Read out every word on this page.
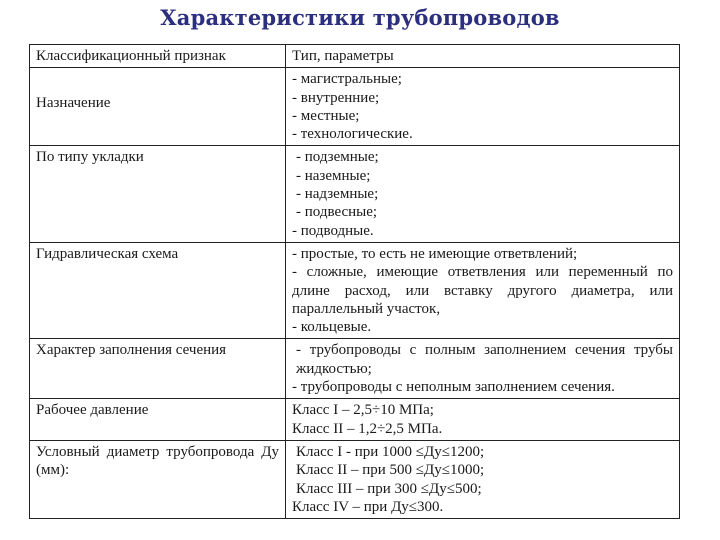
Характеристики трубопроводов
Классификационный признак	Тип, параметры
Назначение	- магистральные;
- внутренние;
- местные;
- технологические.

По типу укладки	- подземные;
- наземные;
- надземные;
- подвесные;
- подводные.

Гидравлическая схема	- простые, то есть не имеющие ответвлений;
- сложные, имеющие ответвления или переменный по длине расход, или вставку другого диаметра, или параллельный участок,
- кольцевые.

Характер заполнения сечения	- трубопроводы с полным заполнением сечения трубы жидкостью;
- трубопроводы с неполным заполнением сечения.

Рабочее давление	Класс I – 2,5÷10 МПа;
Класс II – 1,2÷2,5 МПа.

Условный диаметр трубопровода Ду (мм):	Класс I - при 1000 ≤Ду≤1200;
Класс II – при 500 ≤Ду≤1000;
Класс III – при 300 ≤Ду≤500;
Класс IV – при Ду≤300.
